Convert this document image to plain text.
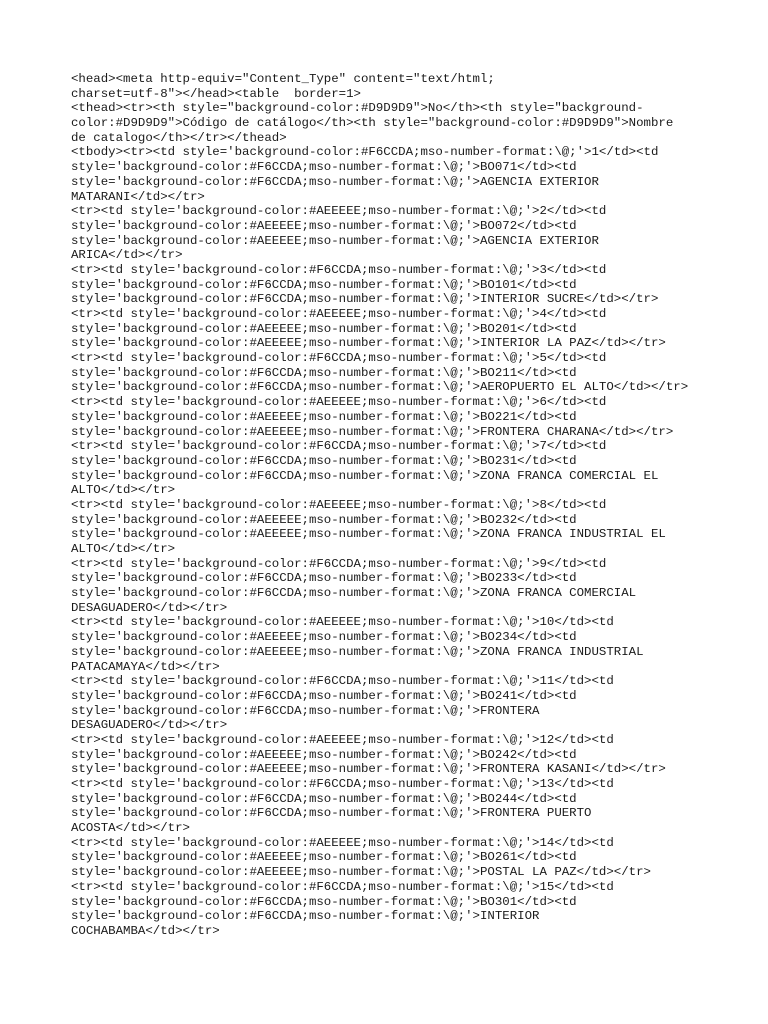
<head><meta http-equiv="Content_Type" content="text/html;
charset=utf-8"></head><table  border=1>
<thead><tr><th style="background-color:#D9D9D9">No</th><th style="background-
color:#D9D9D9">Código de catálogo</th><th style="background-color:#D9D9D9">Nombre
de catalogo</th></tr></thead>
<tbody><tr><td style='background-color:#F6CCDA;mso-number-format:\@;'>1</td><td
style='background-color:#F6CCDA;mso-number-format:\@;'>BO071</td><td
style='background-color:#F6CCDA;mso-number-format:\@;'>AGENCIA EXTERIOR
MATARANI</td></tr>
<tr><td style='background-color:#AEEEEE;mso-number-format:\@;'>2</td><td
style='background-color:#AEEEEE;mso-number-format:\@;'>BO072</td><td
style='background-color:#AEEEEE;mso-number-format:\@;'>AGENCIA EXTERIOR
ARICA</td></tr>
<tr><td style='background-color:#F6CCDA;mso-number-format:\@;'>3</td><td
style='background-color:#F6CCDA;mso-number-format:\@;'>BO101</td><td
style='background-color:#F6CCDA;mso-number-format:\@;'>INTERIOR SUCRE</td></tr>
<tr><td style='background-color:#AEEEEE;mso-number-format:\@;'>4</td><td
style='background-color:#AEEEEE;mso-number-format:\@;'>BO201</td><td
style='background-color:#AEEEEE;mso-number-format:\@;'>INTERIOR LA PAZ</td></tr>
<tr><td style='background-color:#F6CCDA;mso-number-format:\@;'>5</td><td
style='background-color:#F6CCDA;mso-number-format:\@;'>BO211</td><td
style='background-color:#F6CCDA;mso-number-format:\@;'>AEROPUERTO EL ALTO</td></tr>
<tr><td style='background-color:#AEEEEE;mso-number-format:\@;'>6</td><td
style='background-color:#AEEEEE;mso-number-format:\@;'>BO221</td><td
style='background-color:#AEEEEE;mso-number-format:\@;'>FRONTERA CHARANA</td></tr>
<tr><td style='background-color:#F6CCDA;mso-number-format:\@;'>7</td><td
style='background-color:#F6CCDA;mso-number-format:\@;'>BO231</td><td
style='background-color:#F6CCDA;mso-number-format:\@;'>ZONA FRANCA COMERCIAL EL
ALTO</td></tr>
<tr><td style='background-color:#AEEEEE;mso-number-format:\@;'>8</td><td
style='background-color:#AEEEEE;mso-number-format:\@;'>BO232</td><td
style='background-color:#AEEEEE;mso-number-format:\@;'>ZONA FRANCA INDUSTRIAL EL
ALTO</td></tr>
<tr><td style='background-color:#F6CCDA;mso-number-format:\@;'>9</td><td
style='background-color:#F6CCDA;mso-number-format:\@;'>BO233</td><td
style='background-color:#F6CCDA;mso-number-format:\@;'>ZONA FRANCA COMERCIAL
DESAGUADERO</td></tr>
<tr><td style='background-color:#AEEEEE;mso-number-format:\@;'>10</td><td
style='background-color:#AEEEEE;mso-number-format:\@;'>BO234</td><td
style='background-color:#AEEEEE;mso-number-format:\@;'>ZONA FRANCA INDUSTRIAL
PATACAMAYA</td></tr>
<tr><td style='background-color:#F6CCDA;mso-number-format:\@;'>11</td><td
style='background-color:#F6CCDA;mso-number-format:\@;'>BO241</td><td
style='background-color:#F6CCDA;mso-number-format:\@;'>FRONTERA
DESAGUADERO</td></tr>
<tr><td style='background-color:#AEEEEE;mso-number-format:\@;'>12</td><td
style='background-color:#AEEEEE;mso-number-format:\@;'>BO242</td><td
style='background-color:#AEEEEE;mso-number-format:\@;'>FRONTERA KASANI</td></tr>
<tr><td style='background-color:#F6CCDA;mso-number-format:\@;'>13</td><td
style='background-color:#F6CCDA;mso-number-format:\@;'>BO244</td><td
style='background-color:#F6CCDA;mso-number-format:\@;'>FRONTERA PUERTO
ACOSTA</td></tr>
<tr><td style='background-color:#AEEEEE;mso-number-format:\@;'>14</td><td
style='background-color:#AEEEEE;mso-number-format:\@;'>BO261</td><td
style='background-color:#AEEEEE;mso-number-format:\@;'>POSTAL LA PAZ</td></tr>
<tr><td style='background-color:#F6CCDA;mso-number-format:\@;'>15</td><td
style='background-color:#F6CCDA;mso-number-format:\@;'>BO301</td><td
style='background-color:#F6CCDA;mso-number-format:\@;'>INTERIOR
COCHABAMBA</td></tr>
